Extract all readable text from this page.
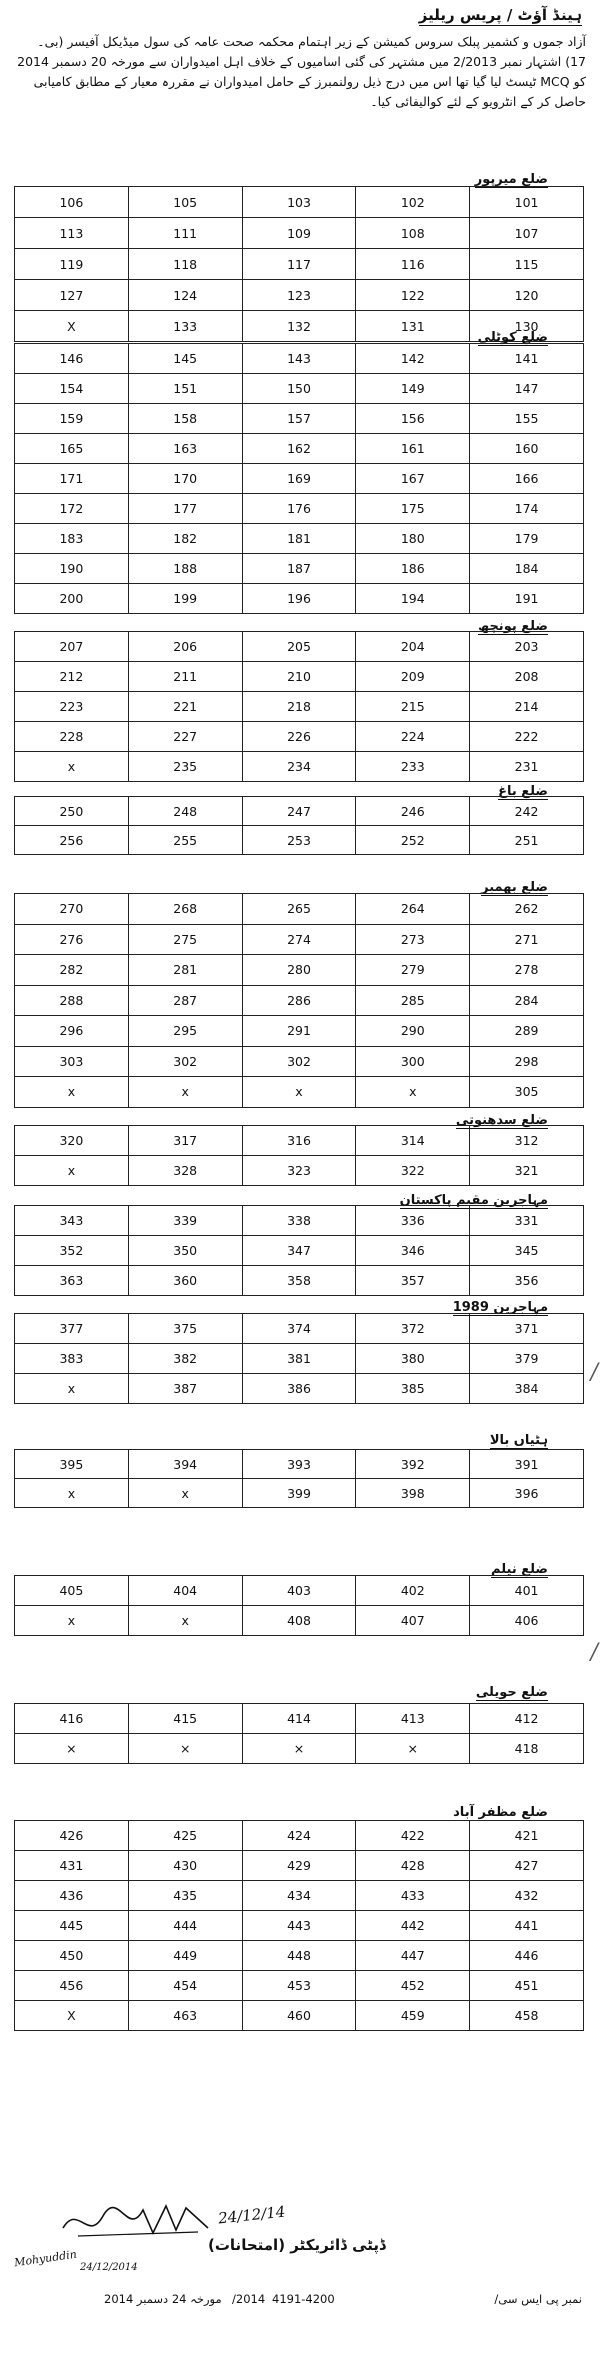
ہینڈ آؤٹ / پریس ریلیز
آزاد جموں و کشمیر پبلک سروس کمیشن کے زیر اہتمام محکمہ صحت عامہ کی سول میڈیکل آفیسر (بی۔ 17) اشتہار نمبر 2/2013 میں مشتہر کی گئی اسامیوں کے خلاف اہل امیدواران سے مورخہ 20 دسمبر 2014 کو MCQ ٹیسٹ لیا گیا تھا اس میں درج ذیل رولنمبرز کے حامل امیدواران نے مقررہ معیار کے مطابق کامیابی حاصل کر کے انٹرویو کے لئے کوالیفائی کیا۔
ضلع میرپور
106	105	103	102	101
113	111	109	108	107
119	118	117	116	115
127	124	123	122	120
X	133	132	131	130
ضلع کوٹلی
146	145	143	142	141
154	151	150	149	147
159	158	157	156	155
165	163	162	161	160
171	170	169	167	166
172	177	176	175	174
183	182	181	180	179
190	188	187	186	184
200	199	196	194	191
ضلع پونچھ
207	206	205	204	203
212	211	210	209	208
223	221	218	215	214
228	227	226	224	222
x	235	234	233	231
ضلع باغ
250	248	247	246	242
256	255	253	252	251
ضلع بھمبر
270	268	265	264	262
276	275	274	273	271
282	281	280	279	278
288	287	286	285	284
296	295	291	290	289
303	302	302	300	298
x	x	x	x	305
ضلع سدھنوتی
320	317	316	314	312
x	328	323	322	321
مہاجرین مقیم پاکستان
343	339	338	336	331
352	350	347	346	345
363	360	358	357	356
مہاجرین 1989
377	375	374	372	371
383	382	381	380	379
x	387	386	385	384
ہٹیاں بالا
395	394	393	392	391
x	x	399	398	396
ضلع نیلم
405	404	403	402	401
x	x	408	407	406
ضلع حویلی
416	415	414	413	412
×	×	×	×	418
ضلع مظفر آباد
426	425	424	422	421
431	430	429	428	427
436	435	434	433	432
445	444	443	442	441
450	449	448	447	446
456	454	453	452	451
X	463	460	459	458
24/12/14
ڈپٹی ڈائریکٹر (امتحانات)
Mohyuddin 24/12/2014
نمبر پی ایس سی/
4191-4200
2014/
مورخہ 24 دسمبر 2014
/
/
